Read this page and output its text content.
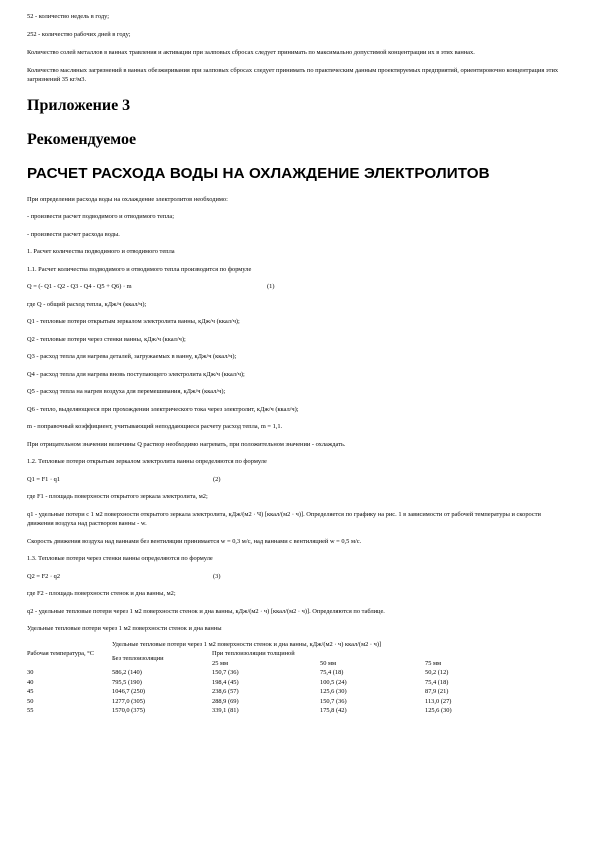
52 - количество недель в году;

252 - количество рабочих дней в году;

Количество солей металлов в ваннах травления и активации при залповых сбросах следует принимать по максимально допустимой концентрации их в этих ваннах.

Количество масляных загрязнений в ваннах обезжиривания при залповых сбросах следует принимать по практическим данным проектируемых предприятий, ориентировочно концентрация этих загрязнений 35 кг/м3.

Приложение 3
Рекомендуемое
РАСЧЕТ РАСХОДА ВОДЫ НА ОХЛАЖДЕНИЕ ЭЛЕКТРОЛИТОВ

При определении расхода воды на охлаждение электролитов необходимо:

- произвести расчет подводимого и отводимого тепла;

- произвести расчет расхода воды.

1. Расчет количества подводимого и отводимого тепла

1.1. Расчет количества подводимого и отводимого тепла производится по формуле

Q = (- Q1 - Q2 - Q3 - Q4 - Q5 + Q6) · m	(1)

где Q - общий расход тепла, кДж/ч (ккал/ч);

Q1 - тепловые потери открытым зеркалом электролита ванны, кДж/ч (ккал/ч);

Q2 - тепловые потери через стенки ванны, кДж/ч (ккал/ч);

Q3 - расход тепла для нагрева деталей, загружаемых в ванну, кДж/ч (ккал/ч);

Q4 - расход тепла для нагрева вновь поступающего электролита кДж/ч (ккал/ч);

Q5 - расход тепла на нагрев воздуха для перемешивания, кДж/ч (ккал/ч);

Q6 - тепло, выделяющееся при прохождении электрического тока через электролит, кДж/ч (ккал/ч);

m - поправочный коэффициент, учитывающий неподдающиеся расчету расход тепла, m = 1,1.

При отрицательном значении величины Q раствор необходимо нагревать, при положительном значении - охлаждать.

1.2. Тепловые потери открытым зеркалом электролита ванны определяются по формуле

Q1 = F1 · q1	(2)

где F1 - площадь поверхности открытого зеркала электролита, м2;

q1 - удельные потери с 1 м2 поверхности открытого зеркала электролита, кДж/(м2 · Ч) [ккал/(м2 · ч)]. Определяется по графику на рис. 1 в зависимости от рабочей температуры и скорости движения воздуха над раствором ванны - w.

Скорость движения воздуха над ваннами без вентиляции принимается w = 0,3 м/с, над ваннами с вентиляцией w = 0,5 м/с.

1.3. Тепловые потери через стенки ванны определяются по формуле

Q2 = F2 · q2	(3)

где F2 - площадь поверхности стенок и дна ванны, м2;

q2 - удельные тепловые потери через 1 м2 поверхности стенок и дна ванны, кДж/(м2 · ч) [ккал/(м2 · ч)]. Определяются по таблице.

Удельные тепловые потери через 1 м2 поверхности стенок и дна ванны

Рабочая температура, °С	Удельные тепловые потери через 1 м2 поверхности стенок и дна ванны, кДж/(м2 · ч) ккал/(м2 · ч)]			
	Без теплоизоляции	При теплоизоляции толщиной		
		25 мм	50 мм	75 мм
30	586,2 (140)	150,7 (36)	75,4 (18)	50,2 (12)
40	795,5 (190)	198,4 (45)	100,5 (24)	75,4 (18)
45	1046,7 (250)	238,6 (57)	125,6 (30)	87,9 (21)
50	1277,0 (305)	288,9 (69)	150,7 (36)	113,0 (27)
55	1570,0 (375)	339,1 (81)	175,8 (42)	125,6 (30)
